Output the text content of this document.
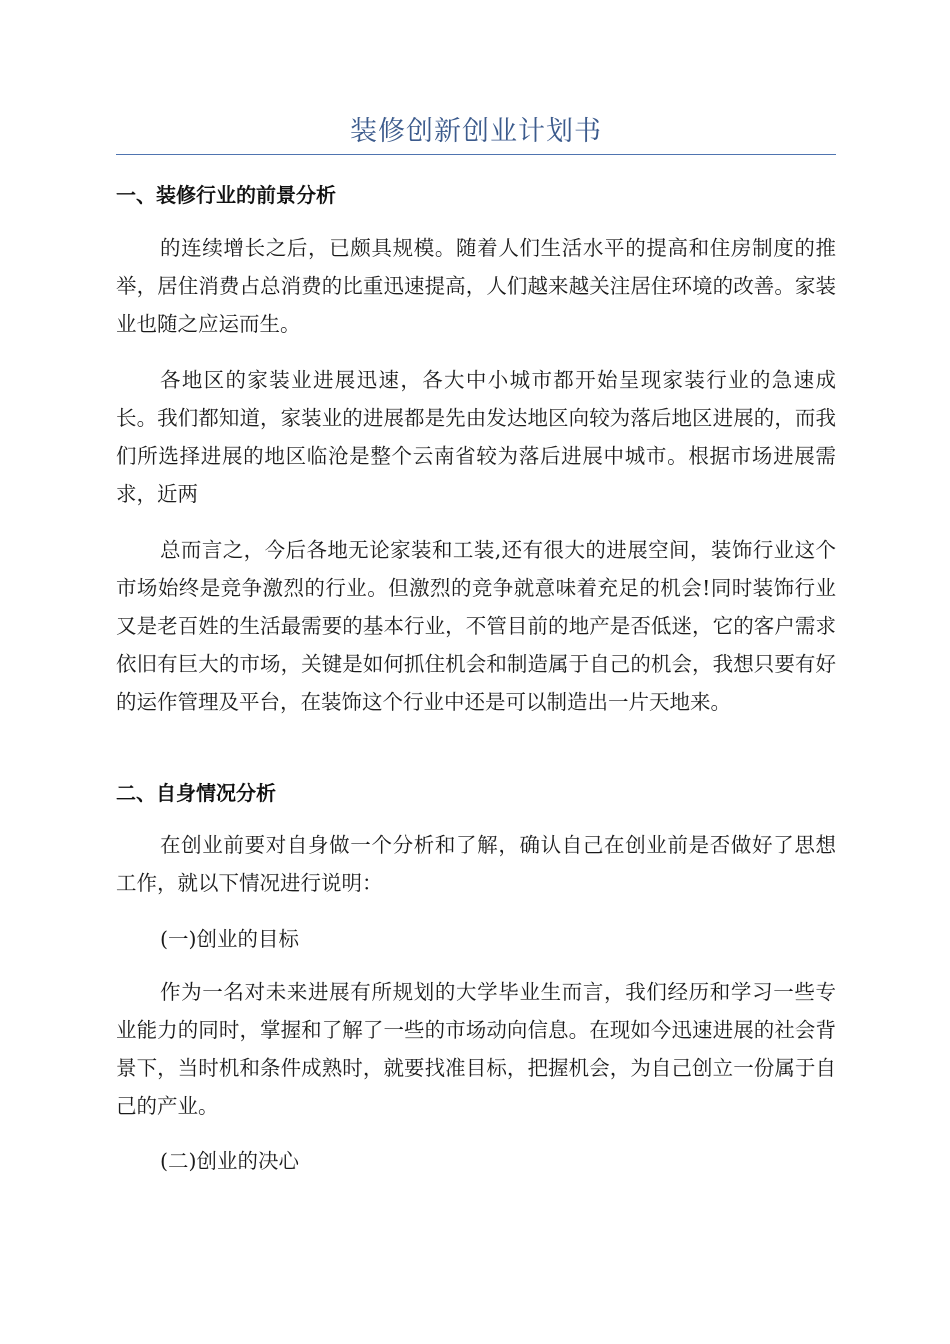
装修创新创业计划书
一、装修行业的前景分析

的连续增长之后，已颇具规模。随着人们生活水平的提高和住房制度的推举，居住消费占总消费的比重迅速提高，人们越来越关注居住环境的改善。家装业也随之应运而生。

各地区的家装业进展迅速，各大中小城市都开始呈现家装行业的急速成长。我们都知道，家装业的进展都是先由发达地区向较为落后地区进展的，而我们所选择进展的地区临沧是整个云南省较为落后进展中城市。根据市场进展需求，近两

总而言之，今后各地无论家装和工装,还有很大的进展空间，装饰行业这个市场始终是竞争激烈的行业。但激烈的竞争就意味着充足的机会!同时装饰行业又是老百姓的生活最需要的基本行业，不管目前的地产是否低迷，它的客户需求依旧有巨大的市场，关键是如何抓住机会和制造属于自己的机会，我想只要有好的运作管理及平台，在装饰这个行业中还是可以制造出一片天地来。

二、自身情况分析

在创业前要对自身做一个分析和了解，确认自己在创业前是否做好了思想工作，就以下情况进行说明：

(一)创业的目标

作为一名对未来进展有所规划的大学毕业生而言，我们经历和学习一些专业能力的同时，掌握和了解了一些的市场动向信息。在现如今迅速进展的社会背景下，当时机和条件成熟时，就要找准目标，把握机会，为自己创立一份属于自己的产业。

(二)创业的决心
